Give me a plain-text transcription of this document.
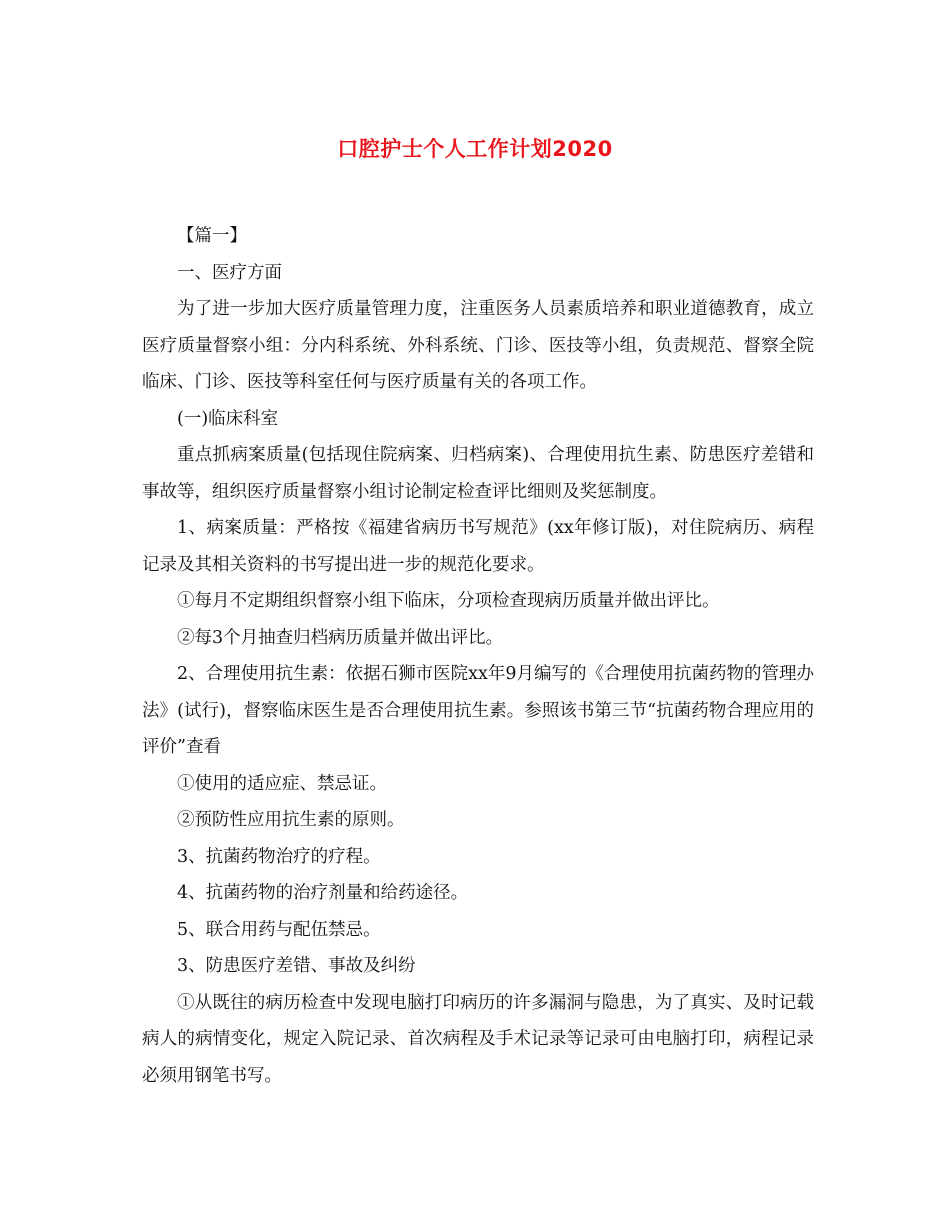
口腔护士个人工作计划2020

【篇一】

一、医疗方面

为了进一步加大医疗质量管理力度，注重医务人员素质培养和职业道德教育，成立医疗质量督察小组：分内科系统、外科系统、门诊、医技等小组，负责规范、督察全院临床、门诊、医技等科室任何与医疗质量有关的各项工作。

(一)临床科室

重点抓病案质量(包括现住院病案、归档病案)、合理使用抗生素、防患医疗差错和事故等，组织医疗质量督察小组讨论制定检查评比细则及奖惩制度。

1、病案质量：严格按《福建省病历书写规范》(xx年修订版)，对住院病历、病程记录及其相关资料的书写提出进一步的规范化要求。

①每月不定期组织督察小组下临床，分项检查现病历质量并做出评比。

②每3个月抽查归档病历质量并做出评比。

2、合理使用抗生素：依据石狮市医院xx年9月编写的《合理使用抗菌药物的管理办法》(试行)，督察临床医生是否合理使用抗生素。参照该书第三节“抗菌药物合理应用的评价”查看

①使用的适应症、禁忌证。

②预防性应用抗生素的原则。

3、抗菌药物治疗的疗程。

4、抗菌药物的治疗剂量和给药途径。

5、联合用药与配伍禁忌。

3、防患医疗差错、事故及纠纷

①从既往的病历检查中发现电脑打印病历的许多漏洞与隐患，为了真实、及时记载病人的病情变化，规定入院记录、首次病程及手术记录等记录可由电脑打印，病程记录必须用钢笔书写。
